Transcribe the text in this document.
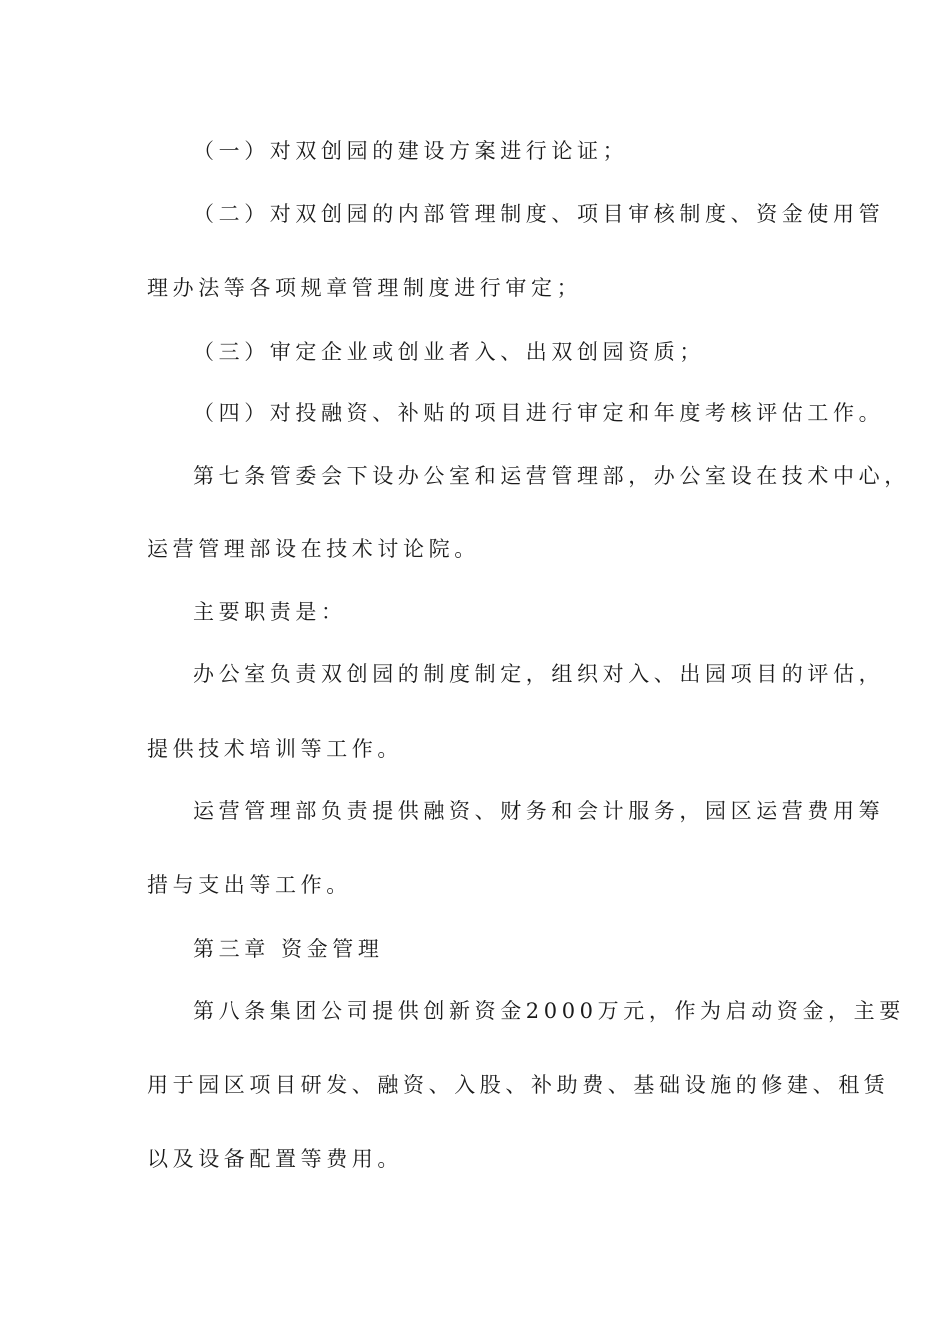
（一）对双创园的建设方案进行论证；
（二）对双创园的内部管理制度、项目审核制度、资金使用管
理办法等各项规章管理制度进行审定；
（三）审定企业或创业者入、出双创园资质；
（四）对投融资、补贴的项目进行审定和年度考核评估工作。
第七条管委会下设办公室和运营管理部，办公室设在技术中心，
运营管理部设在技术讨论院。
主要职责是：
办公室负责双创园的制度制定，组织对入、出园项目的评估，
提供技术培训等工作。
运营管理部负责提供融资、财务和会计服务，园区运营费用筹
措与支出等工作。
第三章 资金管理
第八条集团公司提供创新资金2000万元，作为启动资金，主要
用于园区项目研发、融资、入股、补助费、基础设施的修建、租赁
以及设备配置等费用。
